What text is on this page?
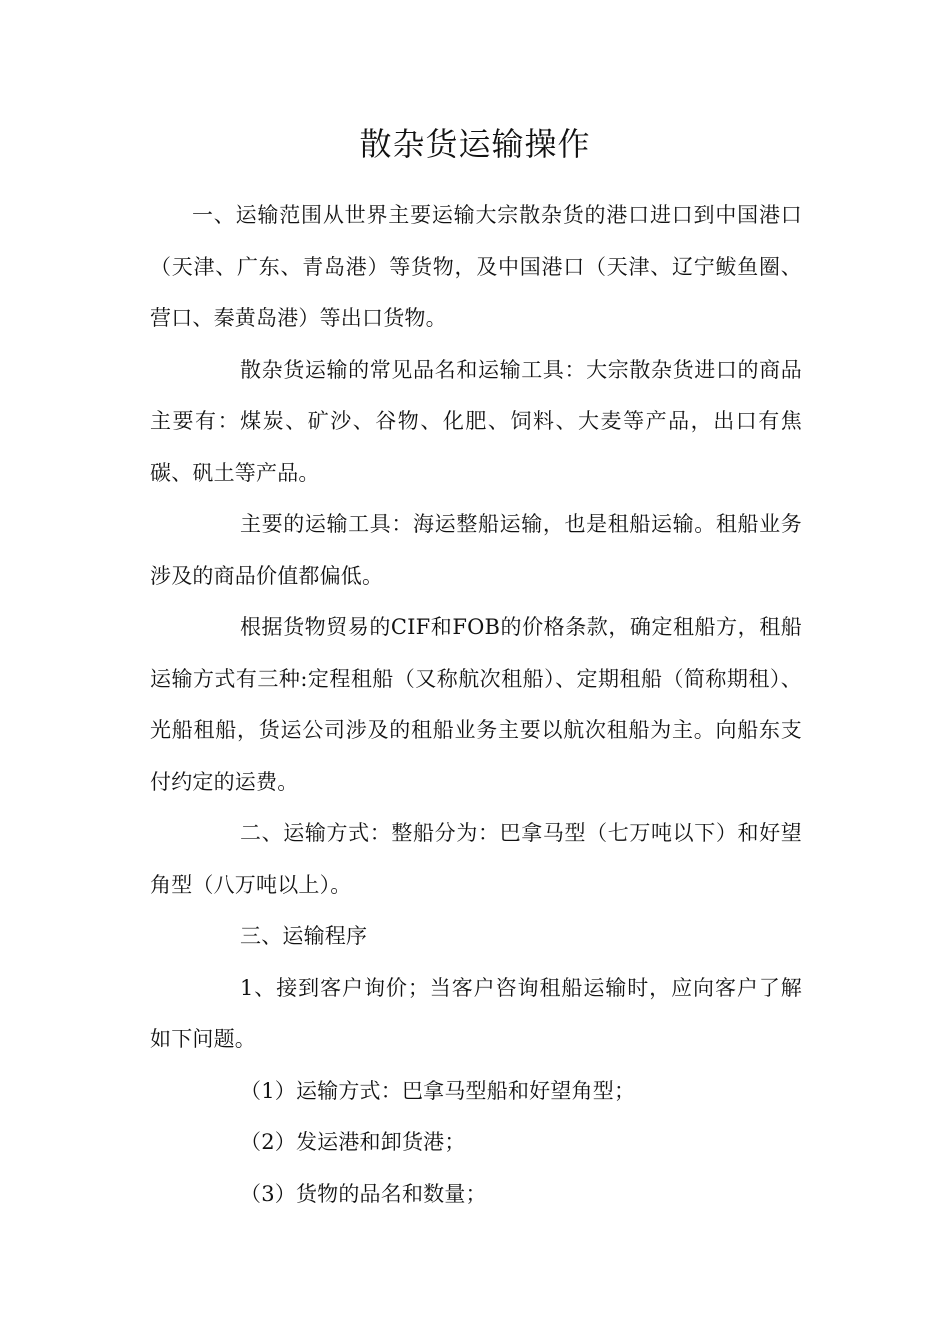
散杂货运输操作

一、运输范围从世界主要运输大宗散杂货的港口进口到中国港口（天津、广东、青岛港）等货物，及中国港口（天津、辽宁鲅鱼圈、营口、秦黄岛港）等出口货物。

散杂货运输的常见品名和运输工具：大宗散杂货进口的商品主要有：煤炭、矿沙、谷物、化肥、饲料、大麦等产品，出口有焦碳、矾土等产品。

主要的运输工具：海运整船运输，也是租船运输。租船业务涉及的商品价值都偏低。

根据货物贸易的CIF和FOB的价格条款，确定租船方，租船运输方式有三种:定程租船（又称航次租船）、定期租船（简称期租）、光船租船，货运公司涉及的租船业务主要以航次租船为主。向船东支付约定的运费。

二、运输方式：整船分为：巴拿马型（七万吨以下）和好望角型（八万吨以上）。

三、运输程序

1、接到客户询价；当客户咨询租船运输时，应向客户了解如下问题。

（1）运输方式：巴拿马型船和好望角型；

（2）发运港和卸货港；

（3）货物的品名和数量；
